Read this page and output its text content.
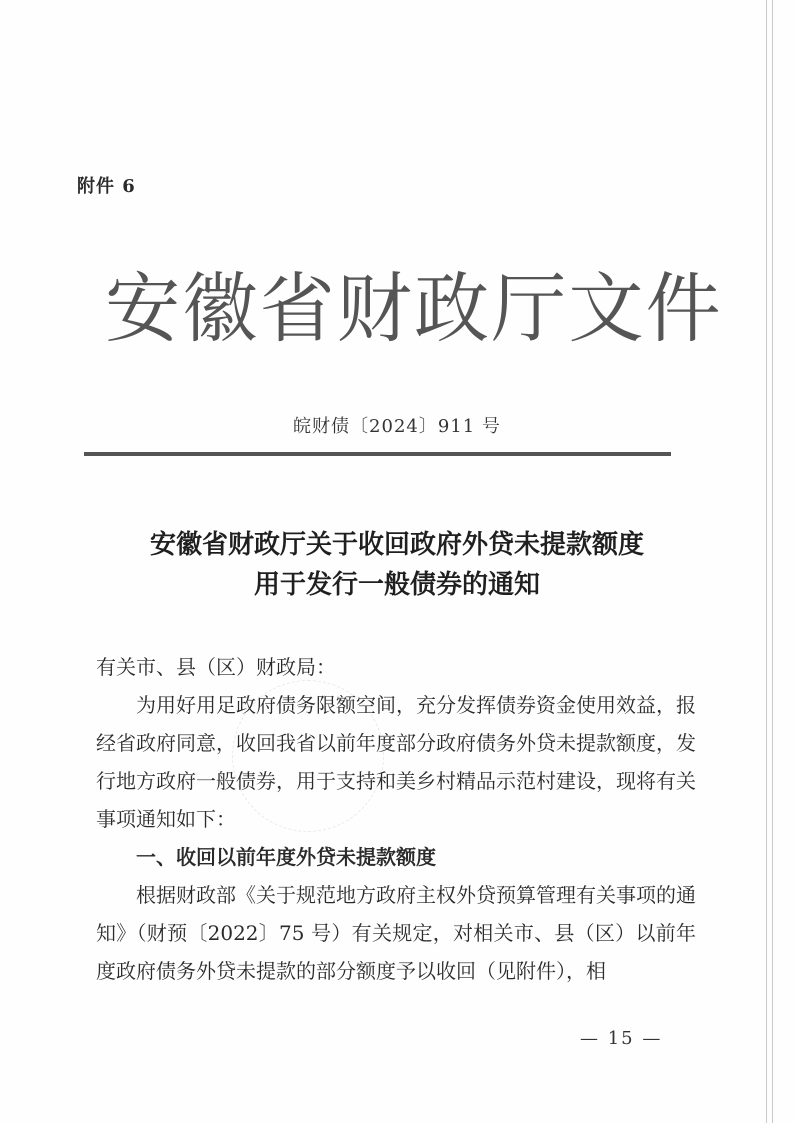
附件 6
安徽省财政厅文件
皖财债〔2024〕911 号
安徽省财政厅关于收回政府外贷未提款额度
用于发行一般债券的通知

有关市、县（区）财政局：

为用好用足政府债务限额空间，充分发挥债券资金使用效益，报经省政府同意，收回我省以前年度部分政府债务外贷未提款额度，发行地方政府一般债券，用于支持和美乡村精品示范村建设，现将有关事项通知如下：

一、收回以前年度外贷未提款额度

根据财政部《关于规范地方政府主权外贷预算管理有关事项的通知》（财预〔2022〕75 号）有关规定，对相关市、县（区）以前年度政府债务外贷未提款的部分额度予以收回（见附件），相

— 15 —
